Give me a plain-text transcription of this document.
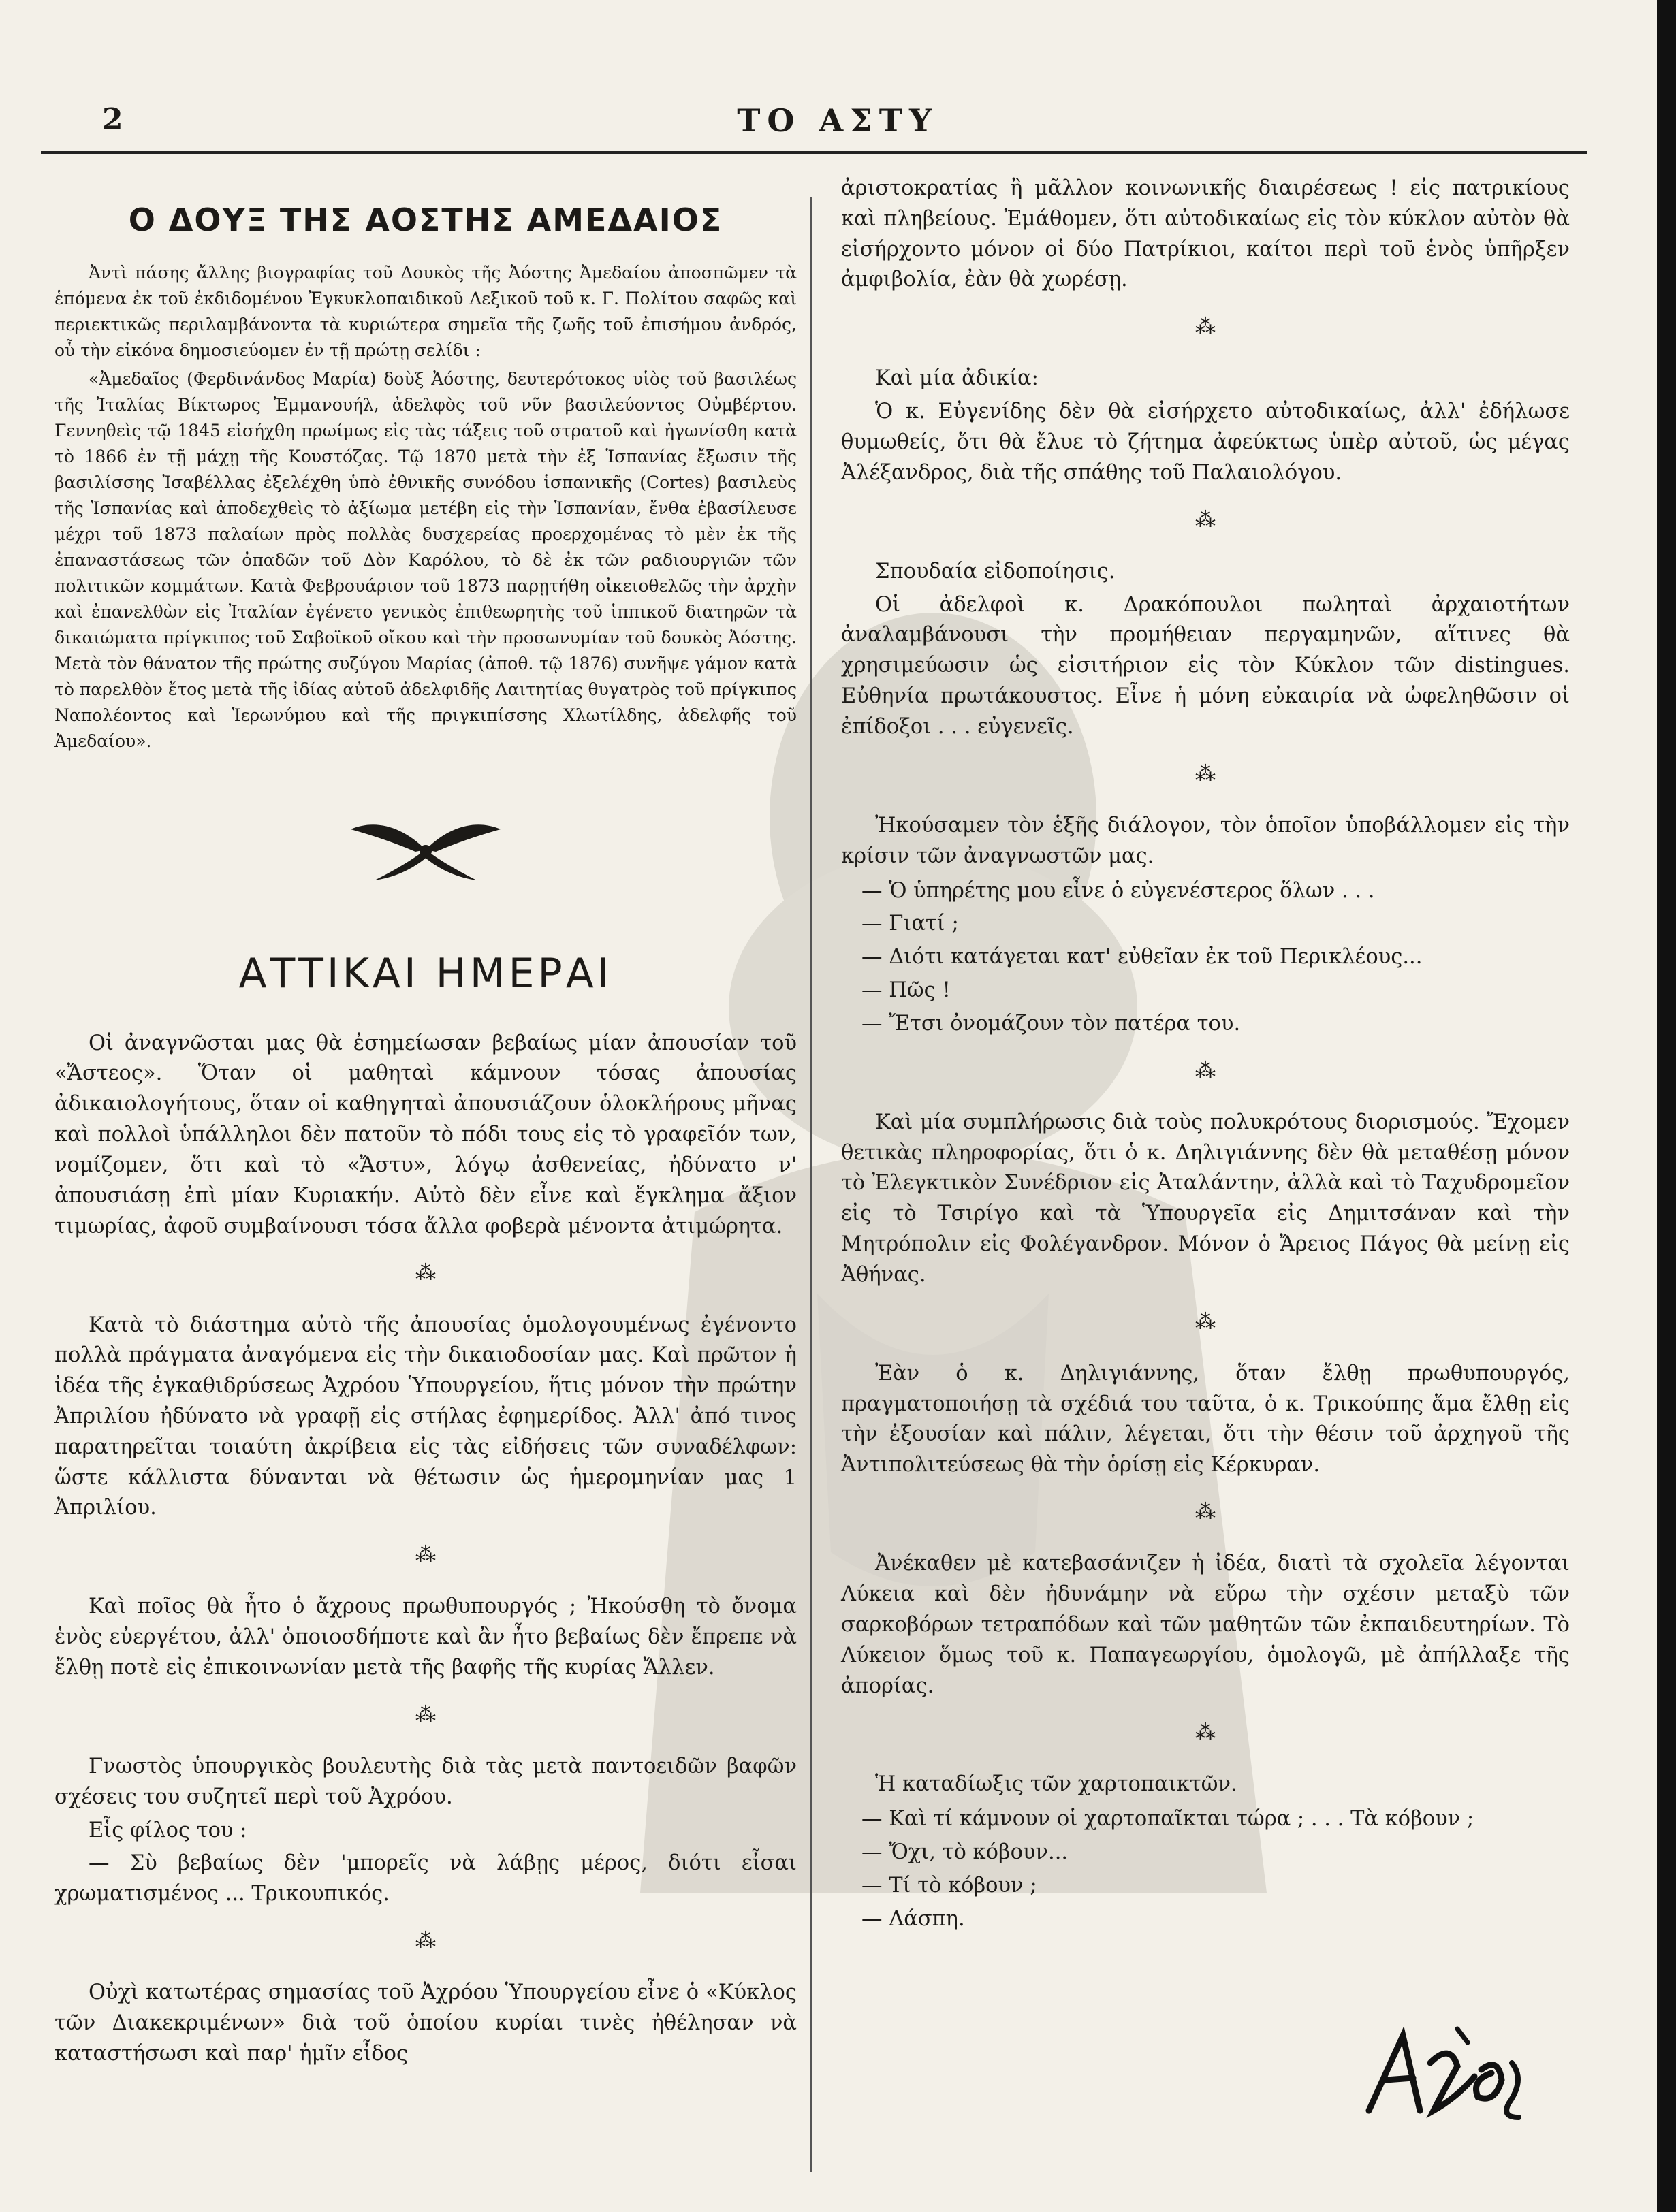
2	ΤΟ ΑΣΤΥ
Ο ΔΟΥΞ ΤΗΣ ΑΟΣΤΗΣ ΑΜΕΔΑΙΟΣ

Ἀντὶ πάσης ἄλλης βιογραφίας τοῦ Δουκὸς τῆς Ἀόστης Ἀμεδαίου ἀποσπῶμεν τὰ ἑπόμενα ἐκ τοῦ ἐκδιδομένου Ἐγκυκλοπαιδικοῦ Λεξικοῦ τοῦ κ. Γ. Πολίτου σαφῶς καὶ περιεκτικῶς περιλαμβάνοντα τὰ κυριώτερα σημεῖα τῆς ζωῆς τοῦ ἐπισήμου ἀνδρός, οὗ τὴν εἰκόνα δημοσιεύομεν ἐν τῇ πρώτῃ σελίδι :

«Ἀμεδαῖος (Φερδινάνδος Μαρία) δοὺξ Ἀόστης, δευτερότοκος υἱὸς τοῦ βασιλέως τῆς Ἰταλίας Βίκτωρος Ἐμμανουήλ, ἀδελφὸς τοῦ νῦν βασιλεύοντος Οὐμβέρτου. Γεννηθεὶς τῷ 1845 εἰσήχθη πρωίμως εἰς τὰς τάξεις τοῦ στρατοῦ καὶ ἠγωνίσθη κατὰ τὸ 1866 ἐν τῇ μάχῃ τῆς Κουστόζας. Τῷ 1870 μετὰ τὴν ἐξ Ἱσπανίας ἔξωσιν τῆς βασιλίσσης Ἰσαβέλλας ἐξελέχθη ὑπὸ ἐθνικῆς συνόδου ἱσπανικῆς (Cortes) βασιλεὺς τῆς Ἱσπανίας καὶ ἀποδεχθεὶς τὸ ἀξίωμα μετέβη εἰς τὴν Ἱσπανίαν, ἔνθα ἐβασίλευσε μέχρι τοῦ 1873 παλαίων πρὸς πολλὰς δυσχερείας προερχομένας τὸ μὲν ἐκ τῆς ἐπαναστάσεως τῶν ὀπαδῶν τοῦ Δὸν Καρόλου, τὸ δὲ ἐκ τῶν ραδιουργιῶν τῶν πολιτικῶν κομμάτων. Κατὰ Φεβρουάριον τοῦ 1873 παρῃτήθη οἰκειοθελῶς τὴν ἀρχὴν καὶ ἐπανελθὼν εἰς Ἰταλίαν ἐγένετο γενικὸς ἐπιθεωρητὴς τοῦ ἱππικοῦ διατηρῶν τὰ δικαιώματα πρίγκιπος τοῦ Σαβοϊκοῦ οἴκου καὶ τὴν προσωνυμίαν τοῦ δουκὸς Ἀόστης. Μετὰ τὸν θάνατον τῆς πρώτης συζύγου Μαρίας (ἀποθ. τῷ 1876) συνῆψε γάμον κατὰ τὸ παρελθὸν ἔτος μετὰ τῆς ἰδίας αὐτοῦ ἀδελφιδῆς Λαιτητίας θυγατρὸς τοῦ πρίγκιπος Ναπολέοντος καὶ Ἱερωνύμου καὶ τῆς πριγκιπίσσης Χλωτίλδης, ἀδελφῆς τοῦ Ἀμεδαίου».

ΑΤΤΙΚΑΙ ΗΜΕΡΑΙ

Οἱ ἀναγνῶσται μας θὰ ἐσημείωσαν βεβαίως μίαν ἀπουσίαν τοῦ «Ἄστεος». Ὅταν οἱ μαθηταὶ κάμνουν τόσας ἀπουσίας ἀδικαιολογήτους, ὅταν οἱ καθηγηταὶ ἀπουσιάζουν ὁλοκλήρους μῆνας καὶ πολλοὶ ὑπάλληλοι δὲν πατοῦν τὸ πόδι τους εἰς τὸ γραφεῖόν των, νομίζομεν, ὅτι καὶ τὸ «Ἄστυ», λόγῳ ἀσθενείας, ἠδύνατο ν' ἀπουσιάσῃ ἐπὶ μίαν Κυριακήν. Αὐτὸ δὲν εἶνε καὶ ἔγκλημα ἄξιον τιμωρίας, ἀφοῦ συμβαίνουσι τόσα ἄλλα φοβερὰ μένοντα ἀτιμώρητα.

⁂

Κατὰ τὸ διάστημα αὐτὸ τῆς ἀπουσίας ὁμολογουμένως ἐγένοντο πολλὰ πράγματα ἀναγόμενα εἰς τὴν δικαιοδοσίαν μας. Καὶ πρῶτον ἡ ἰδέα τῆς ἐγκαθιδρύσεως Ἀχρόου Ὑπουργείου, ἥτις μόνον τὴν πρώτην Ἀπριλίου ἠδύνατο νὰ γραφῇ εἰς στήλας ἐφημερίδος. Ἀλλ' ἀπό τινος παρατηρεῖται τοιαύτη ἀκρίβεια εἰς τὰς εἰδήσεις τῶν συναδέλφων: ὥστε κάλλιστα δύνανται νὰ θέτωσιν ὡς ἡμερομηνίαν μας 1 Ἀπριλίου.

⁂

Καὶ ποῖος θὰ ἦτο ὁ ἄχρους πρωθυπουργός ; Ἠκούσθη τὸ ὄνομα ἑνὸς εὐεργέτου, ἀλλ' ὁποιοσδήποτε καὶ ἂν ἦτο βεβαίως δὲν ἔπρεπε νὰ ἔλθῃ ποτὲ εἰς ἐπικοινωνίαν μετὰ τῆς βαφῆς τῆς κυρίας Ἄλλεν.

⁂

Γνωστὸς ὑπουργικὸς βουλευτὴς διὰ τὰς μετὰ παντοειδῶν βαφῶν σχέσεις του συζητεῖ περὶ τοῦ Ἀχρόου.

Εἷς φίλος του :

— Σὺ βεβαίως δὲν 'μπορεῖς νὰ λάβῃς μέρος, διότι εἶσαι χρωματισμένος ... Τρικουπικός.

⁂

Οὐχὶ κατωτέρας σημασίας τοῦ Ἀχρόου Ὑπουργείου εἶνε ὁ «Κύκλος τῶν Διακεκριμένων» διὰ τοῦ ὁποίου κυρίαι τινὲς ἠθέλησαν νὰ καταστήσωσι καὶ παρ' ἡμῖν εἶδος

ἀριστοκρατίας ἢ μᾶλλον κοινωνικῆς διαιρέσεως ! εἰς πατρικίους καὶ πληβείους. Ἐμάθομεν, ὅτι αὐτοδικαίως εἰς τὸν κύκλον αὐτὸν θὰ εἰσήρχοντο μόνον οἱ δύο Πατρίκιοι, καίτοι περὶ τοῦ ἑνὸς ὑπῆρξεν ἀμφιβολία, ἐὰν θὰ χωρέσῃ.

⁂

Καὶ μία ἀδικία:

Ὁ κ. Εὐγενίδης δὲν θὰ εἰσήρχετο αὐτοδικαίως, ἀλλ' ἐδήλωσε θυμωθείς, ὅτι θὰ ἔλυε τὸ ζήτημα ἀφεύκτως ὑπὲρ αὐτοῦ, ὡς μέγας Ἀλέξανδρος, διὰ τῆς σπάθης τοῦ Παλαιολόγου.

⁂

Σπουδαία εἰδοποίησις.

Οἱ ἀδελφοὶ κ. Δρακόπουλοι πωληταὶ ἀρχαιοτήτων ἀναλαμβάνουσι τὴν προμήθειαν περγαμηνῶν, αἵτινες θὰ χρησιμεύωσιν ὡς εἰσιτήριον εἰς τὸν Κύκλον τῶν distingues. Εὐθηνία πρωτάκουστος. Εἶνε ἡ μόνη εὐκαιρία νὰ ὠφεληθῶσιν οἱ ἐπίδοξοι . . . εὐγενεῖς.

⁂

Ἠκούσαμεν τὸν ἑξῆς διάλογον, τὸν ὁποῖον ὑποβάλλομεν εἰς τὴν κρίσιν τῶν ἀναγνωστῶν μας.

— Ὁ ὑπηρέτης μου εἶνε ὁ εὐγενέστερος ὅλων . . .

— Γιατί ;

— Διότι κατάγεται κατ' εὐθεῖαν ἐκ τοῦ Περικλέους...

— Πῶς !

— Ἔτσι ὀνομάζουν τὸν πατέρα του.

⁂

Καὶ μία συμπλήρωσις διὰ τοὺς πολυκρότους διορισμούς. Ἔχομεν θετικὰς πληροφορίας, ὅτι ὁ κ. Δηλιγιάννης δὲν θὰ μεταθέσῃ μόνον τὸ Ἐλεγκτικὸν Συνέδριον εἰς Ἀταλάντην, ἀλλὰ καὶ τὸ Ταχυδρομεῖον εἰς τὸ Τσιρίγο καὶ τὰ Ὑπουργεῖα εἰς Δημιτσάναν καὶ τὴν Μητρόπολιν εἰς Φολέγανδρον. Μόνον ὁ Ἄρειος Πάγος θὰ μείνῃ εἰς Ἀθήνας.

⁂

Ἐὰν ὁ κ. Δηλιγιάννης, ὅταν ἔλθῃ πρωθυπουργός, πραγματοποιήσῃ τὰ σχέδιά του ταῦτα, ὁ κ. Τρικούπης ἅμα ἔλθῃ εἰς τὴν ἐξουσίαν καὶ πάλιν, λέγεται, ὅτι τὴν θέσιν τοῦ ἀρχηγοῦ τῆς Ἀντιπολιτεύσεως θὰ τὴν ὁρίσῃ εἰς Κέρκυραν.

⁂

Ἀνέκαθεν μὲ κατεβασάνιζεν ἡ ἰδέα, διατὶ τὰ σχολεῖα λέγονται Λύκεια καὶ δὲν ἠδυνάμην νὰ εὕρω τὴν σχέσιν μεταξὺ τῶν σαρκοβόρων τετραπόδων καὶ τῶν μαθητῶν τῶν ἐκπαιδευτηρίων. Τὸ Λύκειον ὅμως τοῦ κ. Παπαγεωργίου, ὁμολογῶ, μὲ ἀπήλλαξε τῆς ἀπορίας.

⁂

Ἡ καταδίωξις τῶν χαρτοπαικτῶν.

— Καὶ τί κάμνουν οἱ χαρτοπαῖκται τώρα ; . . . Τὰ κόβουν ;

— Ὄχι, τὸ κόβουν...

— Τί τὸ κόβουν ;

— Λάσπη.
